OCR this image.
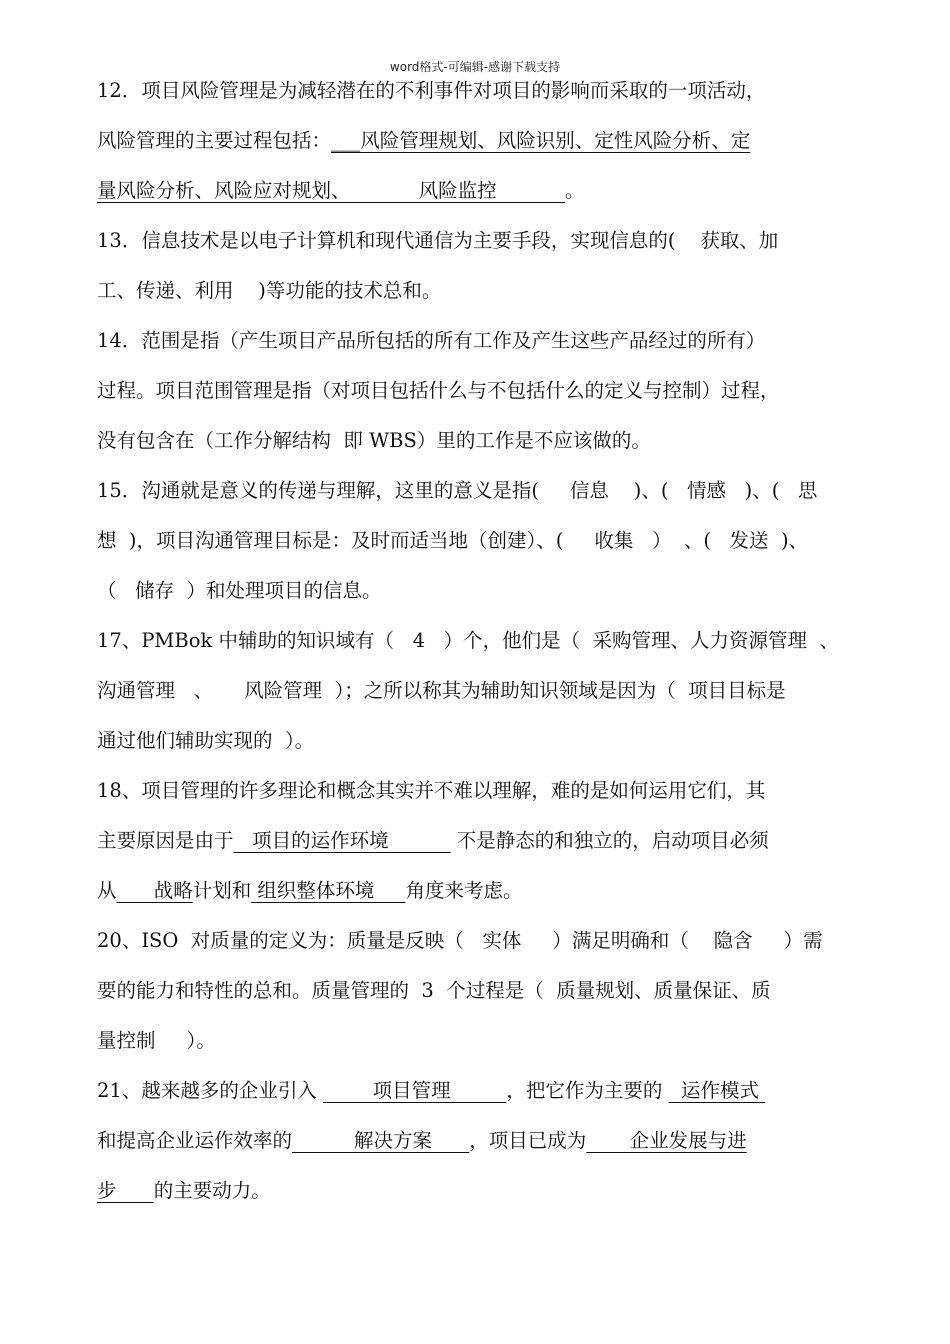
word格式-可编辑-感谢下载支持
12．项目风险管理是为减轻潜在的不利事件对项目的影响而采取的一项活动，
风险管理的主要过程包括：___风险管理规划、风险识别、定性风险分析、定
量风险分析、风险应对规划、           风险监控           。
13．信息技术是以电子计算机和现代通信为主要手段，实现信息的(    获取、加
工、传递、利用    )等功能的技术总和。
14．范围是指（产生项目产品所包括的所有工作及产生这些产品经过的所有）
过程。项目范围管理是指（对项目包括什么与不包括什么的定义与控制）过程，
没有包含在（工作分解结构  即 WBS）里的工作是不应该做的。
15．沟通就是意义的传递与理解，这里的意义是指(     信息    )、(   情感   )、(   思
想  )，项目沟通管理目标是：及时而适当地（创建）、(     收集   ）  、(   发送  )、
（   储存  ）和处理项目的信息。
17、PMBok 中辅助的知识域有（   4   ）个，他们是（  采购管理、人力资源管理  、
沟通管理   、     风险管理  ）；之所以称其为辅助知识领域是因为（  项目目标是
通过他们辅助实现的  ）。
18、项目管理的许多理论和概念其实并不难以理解，难的是如何运用它们，其
主要原因是由于   项目的运作环境           不是静态的和独立的，启动项目必须
从      战略计划和 组织整体环境     角度来考虑。
20、ISO  对质量的定义为：质量是反映（   实体     ）满足明确和（    隐含     ）需
要的能力和特性的总和。质量管理的  3  个过程是（  质量规划、质量保证、质
量控制     ）。
21、越来越多的企业引入         项目管理         ，把它作为主要的   运作模式
和提高企业运作效率的          解决方案      ，项目已成为       企业发展与进
步      的主要动力。
